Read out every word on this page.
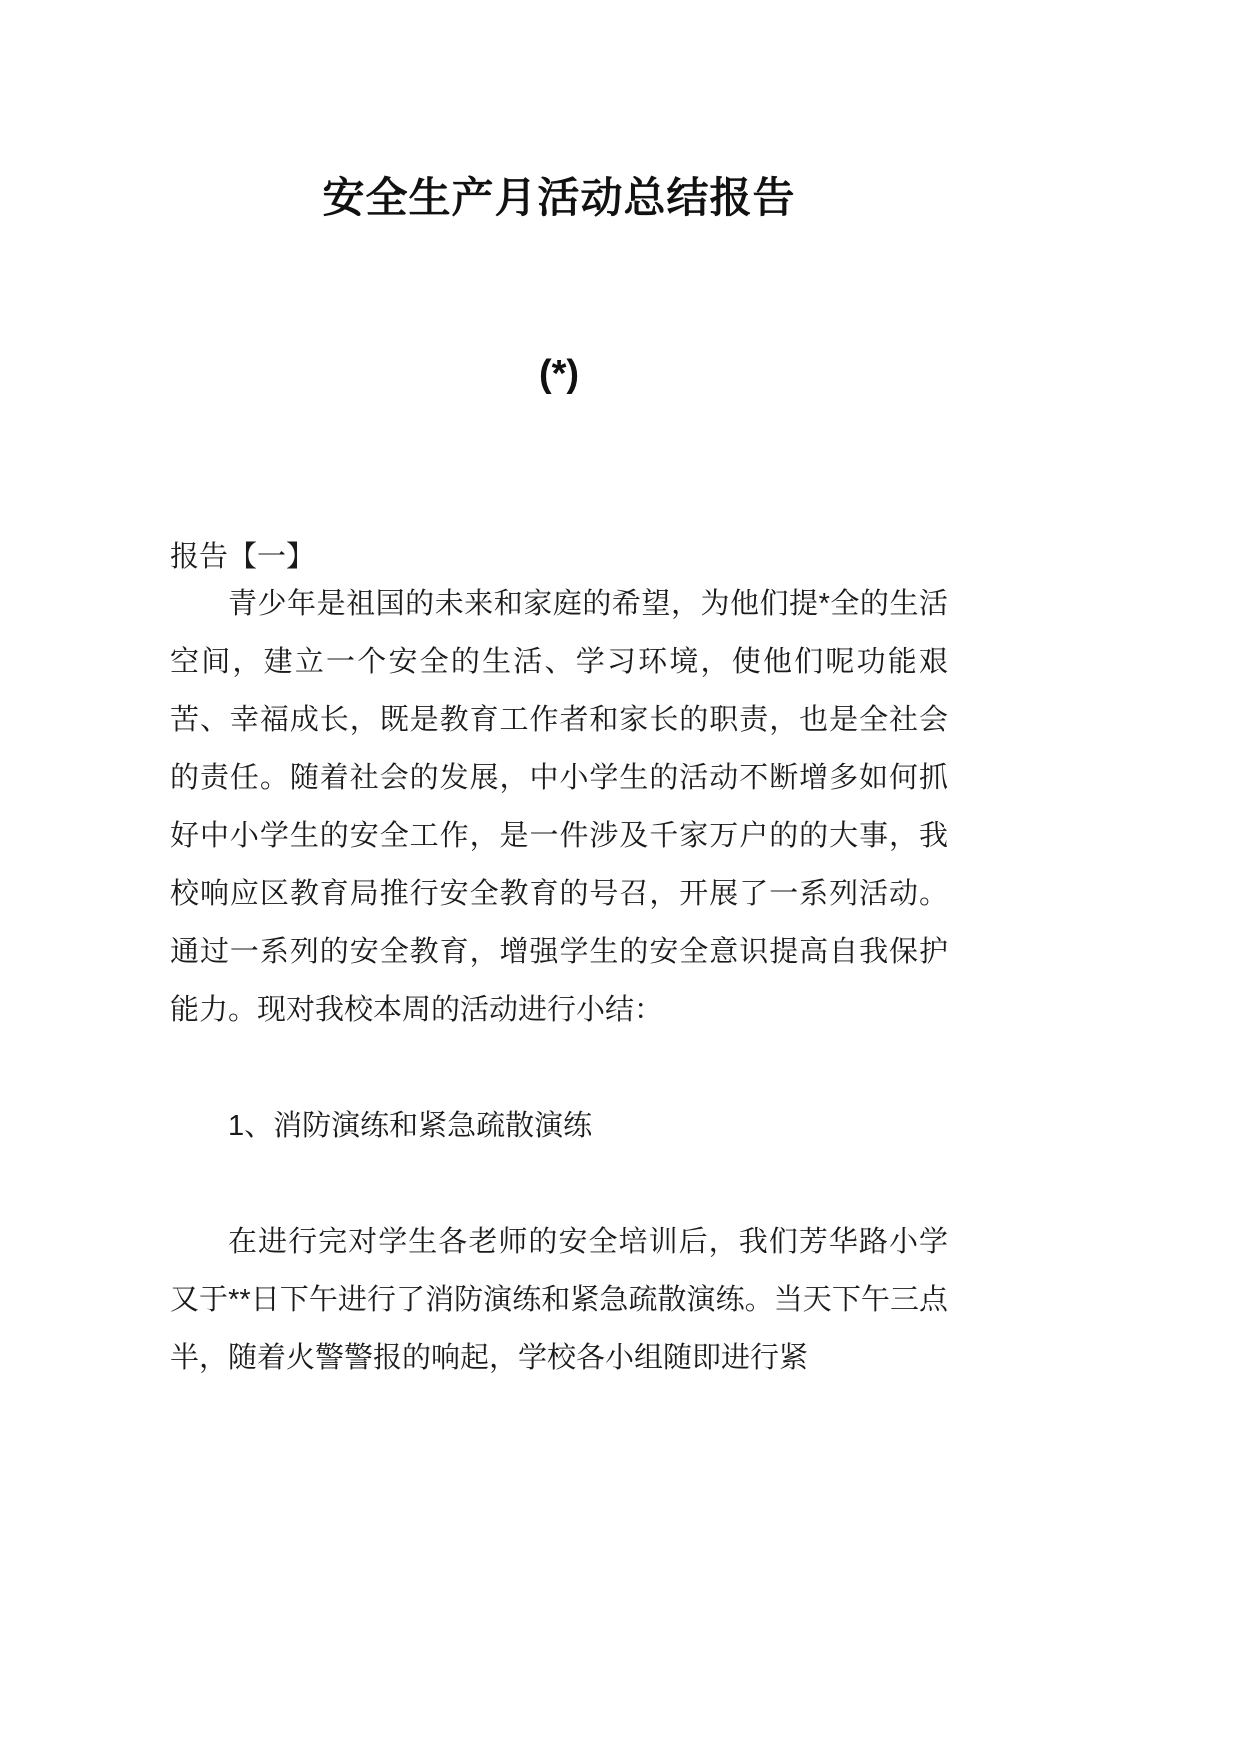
安全生产月活动总结报告
(*)
报告【一】

青少年是祖国的未来和家庭的希望，为他们提*全的生活空间，建立一个安全的生活、学习环境，使他们呢功能艰苦、幸福成长，既是教育工作者和家长的职责，也是全社会的责任。随着社会的发展，中小学生的活动不断增多如何抓好中小学生的安全工作，是一件涉及千家万户的的大事，我校响应区教育局推行安全教育的号召，开展了一系列活动。通过一系列的安全教育，增强学生的安全意识提高自我保护能力。现对我校本周的活动进行小结：

1、消防演练和紧急疏散演练

在进行完对学生各老师的安全培训后，我们芳华路小学又于**日下午进行了消防演练和紧急疏散演练。当天下午三点半，随着火警警报的响起，学校各小组随即进行紧
